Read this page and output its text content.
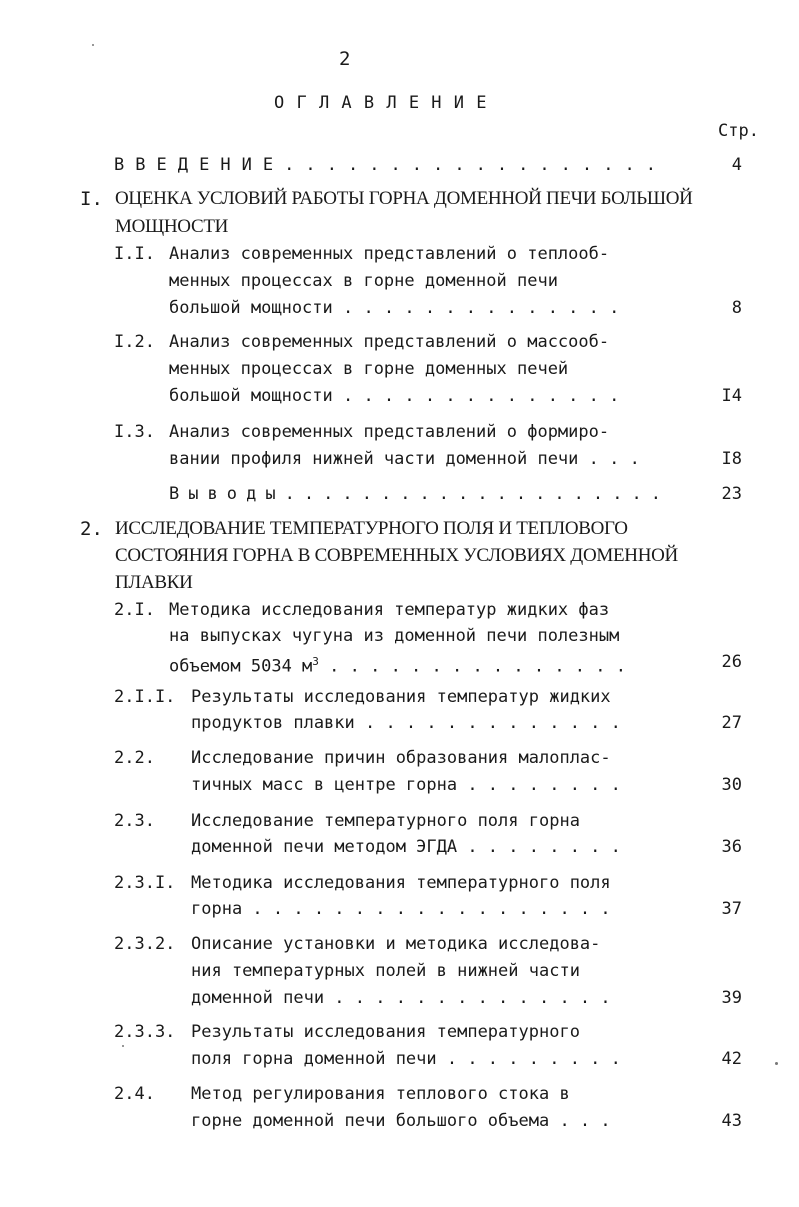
2
О Г Л А В Л Е Н И Е
Стр.
В В Е Д Е Н И Е . . . . . . . . . . . . . . . . . .	4
I. ОЦЕНКА УСЛОВИЙ РАБОТЫ ГОРНА ДОМЕННОЙ ПЕЧИ БОЛЬШОЙ
МОЩНОСТИ
I.I. Анализ современных представлений о теплооб-
менных процессах в горне доменной печи
большой мощности . . . . . . . . . . . . . .	8
I.2. Анализ современных представлений о массооб-
менных процессах в горне доменных печей
большой мощности . . . . . . . . . . . . . .	I4
I.3. Анализ современных представлений о формиро-
вании профиля нижней части доменной печи . . .	I8
В ы в о д ы . . . . . . . . . . . . . . . . . . . .	23
2. ИССЛЕДОВАНИЕ ТЕМПЕРАТУРНОГО ПОЛЯ И ТЕПЛОВОГО
СОСТОЯНИЯ ГОРНА В СОВРЕМЕННЫХ УСЛОВИЯХ ДОМЕННОЙ
ПЛАВКИ
2.I. Методика исследования температур жидких фаз
на выпусках чугуна из доменной печи полезным
объемом 5034 $м^3$ . . . . . . . . . . . . . . .	26
2.I.I. Результаты исследования температур жидких
продуктов плавки . . . . . . . . . . . . .	27
2.2. Исследование причин образования малоплас-
тичных масс в центре горна . . . . . . . .	30
2.3. Исследование температурного поля горна
доменной печи методом ЭГДА . . . . . . . .	36
2.3.I. Методика исследования температурного поля
горна . . . . . . . . . . . . . . . . . .	37
2.3.2. Описание установки и методика исследова-
ния температурных полей в нижней части
доменной печи . . . . . . . . . . . . . .	39
2.3.3. Результаты исследования температурного
поля горна доменной печи . . . . . . . . .	42
2.4. Метод регулирования теплового стока в
горне доменной печи большого объема . . .	43
